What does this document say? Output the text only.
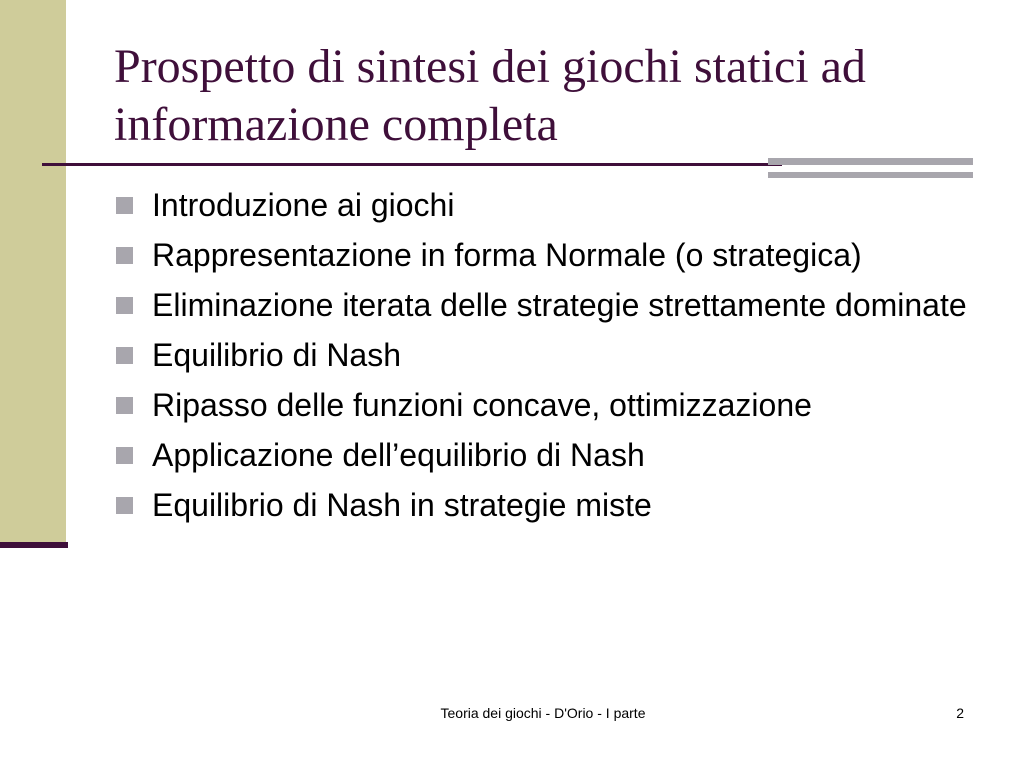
Prospetto di sintesi dei giochi statici ad informazione completa
Introduzione ai giochi
Rappresentazione in forma Normale (o strategica)
Eliminazione iterata delle strategie strettamente dominate
Equilibrio di Nash
Ripasso delle funzioni concave, ottimizzazione
Applicazione dell’equilibrio di Nash
Equilibrio di Nash in strategie miste
Teoria dei giochi - D'Orio - I parte	2
